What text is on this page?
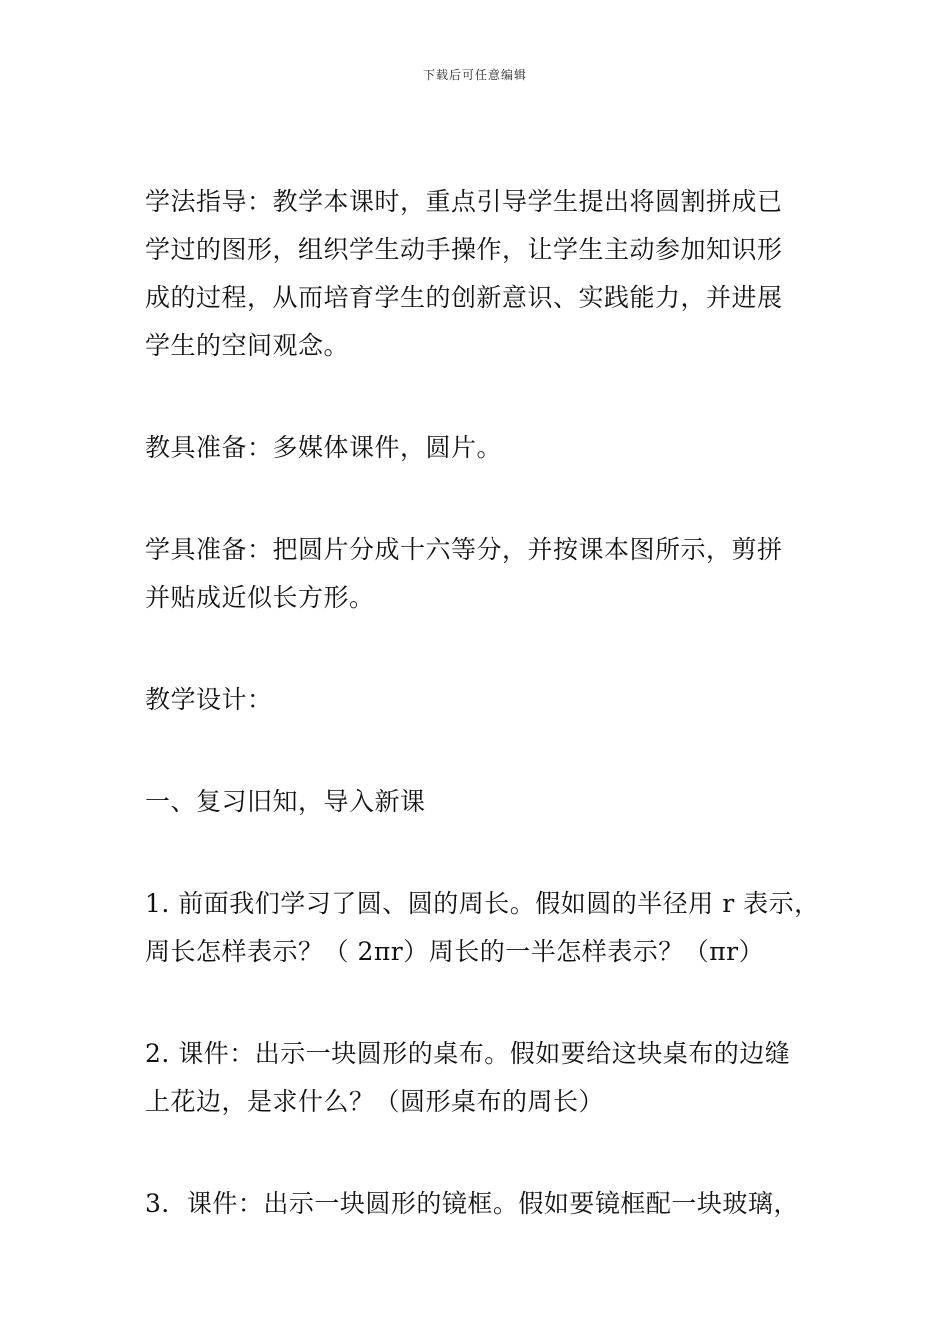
下载后可任意编辑
学法指导：教学本课时，重点引导学生提出将圆割拼成已
学过的图形，组织学生动手操作，让学生主动参加知识形
成的过程，从而培育学生的创新意识、实践能力，并进展
学生的空间观念。
教具准备：多媒体课件，圆片。
学具准备：把圆片分成十六等分，并按课本图所示，剪拼
并贴成近似长方形。
教学设计：
一、复习旧知，导入新课
1. 前面我们学习了圆、圆的周长。假如圆的半径用 r 表示，
周长怎样表示？（ 2πr）周长的一半怎样表示？（πr）
2. 课件：出示一块圆形的桌布。假如要给这块桌布的边缝
上花边，是求什么？（圆形桌布的周长）
3．课件：出示一块圆形的镜框。假如要镜框配一块玻璃，
